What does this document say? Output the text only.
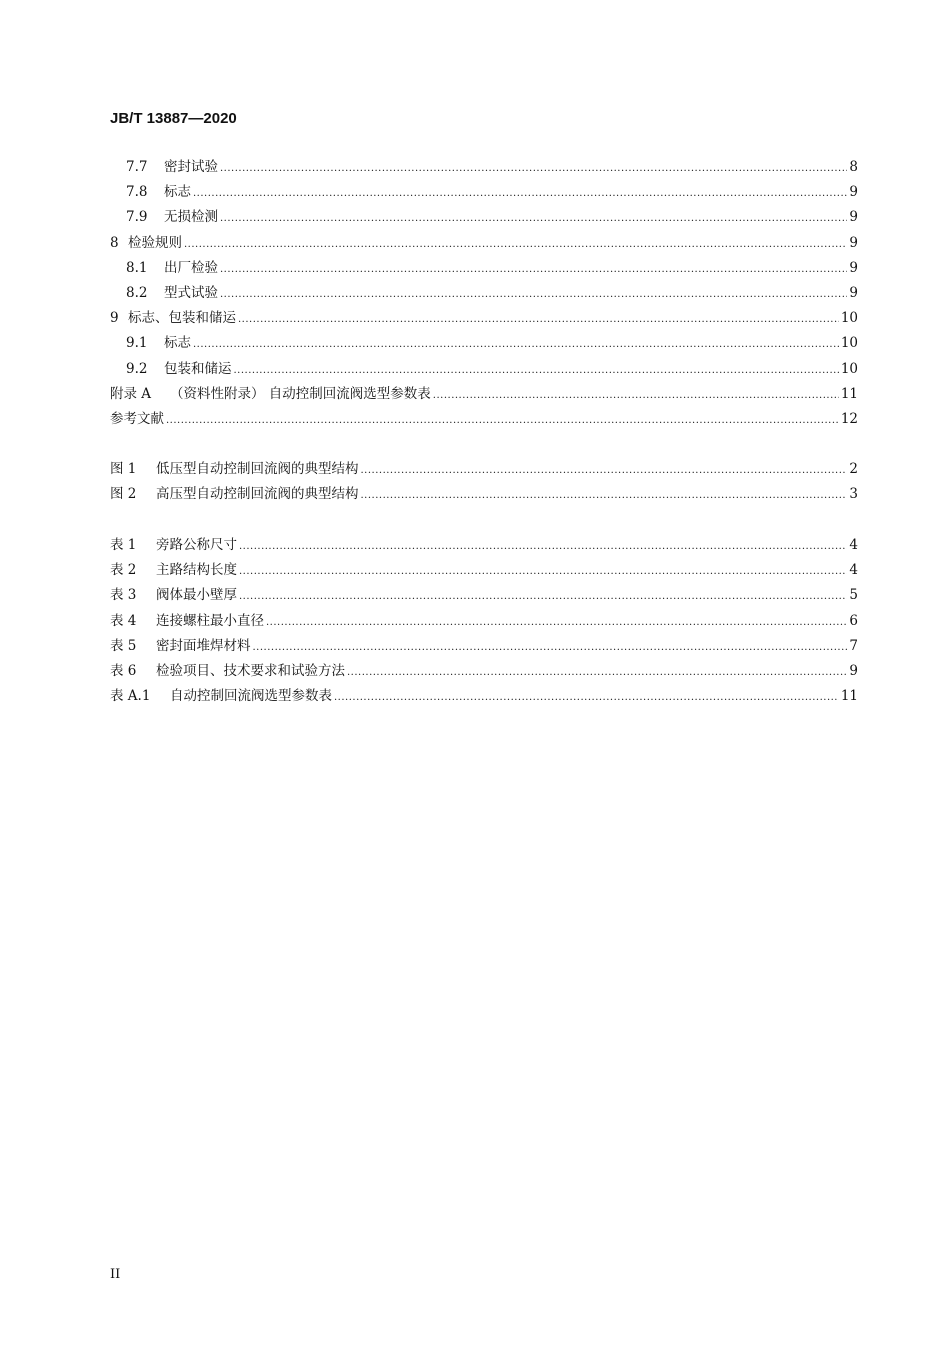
JB/T 13887—2020
7.7	密封试验 .....	8
7.8	标志 .....	9
7.9	无损检测 .....	9
8 检验规则 .....	9
8.1	出厂检验 .....	9
8.2	型式试验 .....	9
9 标志、包装和储运 .....	10
9.1	标志 .....	10
9.2	包装和储运 .....	10
附录 A	（资料性附录） 自动控制回流阀选型参数表 .....	11
参考文献 .....	12
图 1	低压型自动控制回流阀的典型结构 .....	2
图 2	高压型自动控制回流阀的典型结构 .....	3
表 1	旁路公称尺寸 .....	4
表 2	主路结构长度 .....	4
表 3	阀体最小壁厚 .....	5
表 4	连接螺柱最小直径 .....	6
表 5	密封面堆焊材料 .....	7
表 6	检验项目、技术要求和试验方法 .....	9
表 A.1	自动控制回流阀选型参数表 .....	11
II
